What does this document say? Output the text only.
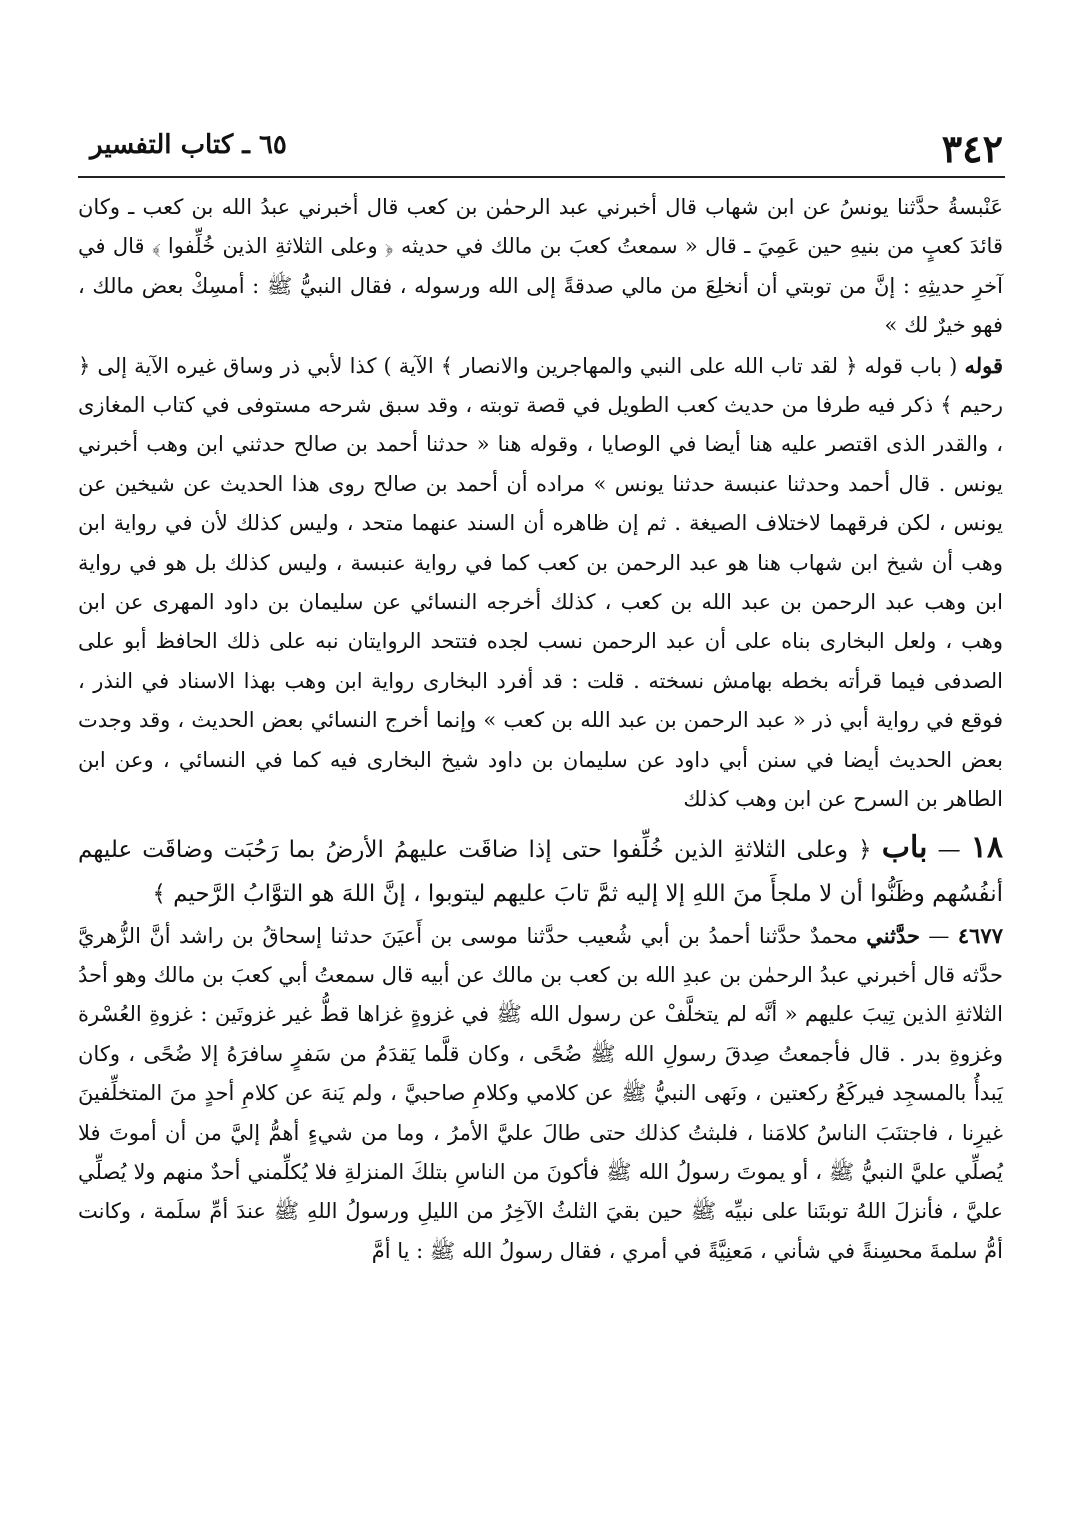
٣٤٢
٦٥ ـ كتاب التفسير

عَنْبسةُ حدَّثنا يونسُ عن ابن شهاب قال أخبرني عبد الرحمٰن بن كعب قال أخبرني عبدُ الله بن كعب ـ وكان قائدَ كعبٍ من بنيهِ حين عَمِيَ ـ قال « سمعتُ كعبَ بن مالك في حديثه ﴿ وعلى الثلاثةِ الذين خُلِّفوا ﴾ قال في آخرِ حديثِهِ : إنَّ من توبتي أن أنخلِعَ من مالي صدقةً إلى الله ورسوله ، فقال النبيُّ ﷺ : أمسِكْ بعض مالك ، فهو خيرٌ لك »

قوله ( باب قوله ﴿ لقد تاب الله على النبي والمهاجرين والانصار ﴾ الآية ) كذا لأبي ذر وساق غيره الآية إلى ﴿ رحيم ﴾ ذكر فيه طرفا من حديث كعب الطويل في قصة توبته ، وقد سبق شرحه مستوفى في كتاب المغازى ، والقدر الذى اقتصر عليه هنا أيضا في الوصايا ، وقوله هنا « حدثنا أحمد بن صالح حدثني ابن وهب أخبرني يونس . قال أحمد وحدثنا عنبسة حدثنا يونس » مراده أن أحمد بن صالح روى هذا الحديث عن شيخين عن يونس ، لكن فرقهما لاختلاف الصيغة . ثم إن ظاهره أن السند عنهما متحد ، وليس كذلك لأن في رواية ابن وهب أن شيخ ابن شهاب هنا هو عبد الرحمن بن كعب كما في رواية عنبسة ، وليس كذلك بل هو في رواية ابن وهب عبد الرحمن بن عبد الله بن كعب ، كذلك أخرجه النسائي عن سليمان بن داود المهرى عن ابن وهب ، ولعل البخارى بناه على أن عبد الرحمن نسب لجده فتتحد الروايتان نبه على ذلك الحافظ أبو على الصدفى فيما قرأته بخطه بهامش نسخته . قلت : قد أفرد البخارى رواية ابن وهب بهذا الاسناد في النذر ، فوقع في رواية أبي ذر « عبد الرحمن بن عبد الله بن كعب » وإنما أخرج النسائي بعض الحديث ، وقد وجدت بعض الحديث أيضا في سنن أبي داود عن سليمان بن داود شيخ البخارى فيه كما في النسائي ، وعن ابن الطاهر بن السرح عن ابن وهب كذلك

١٨ — باب ﴿ وعلى الثلاثةِ الذين خُلِّفوا حتى إذا ضاقَت عليهمُ الأرضُ بما رَحُبَت وضاقَت عليهم أنفُسُهم وظَنُّوا أن لا ملجأَ منَ اللهِ إلا إليه ثمَّ تابَ عليهم ليتوبوا ، إنَّ اللهَ هو التوَّابُ الرَّحيم ﴾

٤٦٧٧ — حدَّثني محمدٌ حدَّثنا أحمدُ بن أبي شُعيب حدَّثنا موسى بن أَعيَنَ حدثنا إسحاقُ بن راشد أنَّ الزُّهريَّ حدَّثه قال أخبرني عبدُ الرحمٰن بن عبدِ الله بن كعب بن مالك عن أبيه قال سمعتُ أبي كعبَ بن مالك وهو أحدُ الثلاثةِ الذين تِيبَ عليهم « أنَّه لم يتخلَّفْ عن رسول الله ﷺ في غزوةٍ غزاها قطُّ غير غزوتَين : غزوةِ العُسْرة وغزوةِ بدر . قال فأجمعتُ صِدقَ رسولِ الله ﷺ ضُحًى ، وكان قلَّما يَقدَمُ من سَفرٍ سافرَهُ إلا ضُحًى ، وكان يَبدأُ بالمسجِد فيركَعُ ركعتين ، ونَهى النبيُّ ﷺ عن كلامي وكلامِ صاحبيَّ ، ولم يَنهَ عن كلامِ أحدٍ منَ المتخلِّفينَ غيرِنا ، فاجتنَبَ الناسُ كلامَنا ، فلبثتُ كذلك حتى طالَ عليَّ الأمرُ ، وما من شيءٍ أهمُّ إليَّ من أن أموتَ فلا يُصلِّي عليَّ النبيُّ ﷺ ، أو يموتَ رسولُ الله ﷺ فأكونَ من الناسِ بتلكَ المنزلةِ فلا يُكلِّمني أحدٌ منهم ولا يُصلِّي عليَّ ، فأنزلَ اللهُ توبتَنا على نبيِّه ﷺ حين بقيَ الثلثُ الآخِرُ من الليلِ ورسولُ اللهِ ﷺ عندَ أمِّ سلَمة ، وكانت أمُّ سلمةَ محسِنةً في شأني ، مَعنِيَّةً في أمري ، فقال رسولُ الله ﷺ : يا أمَّ
